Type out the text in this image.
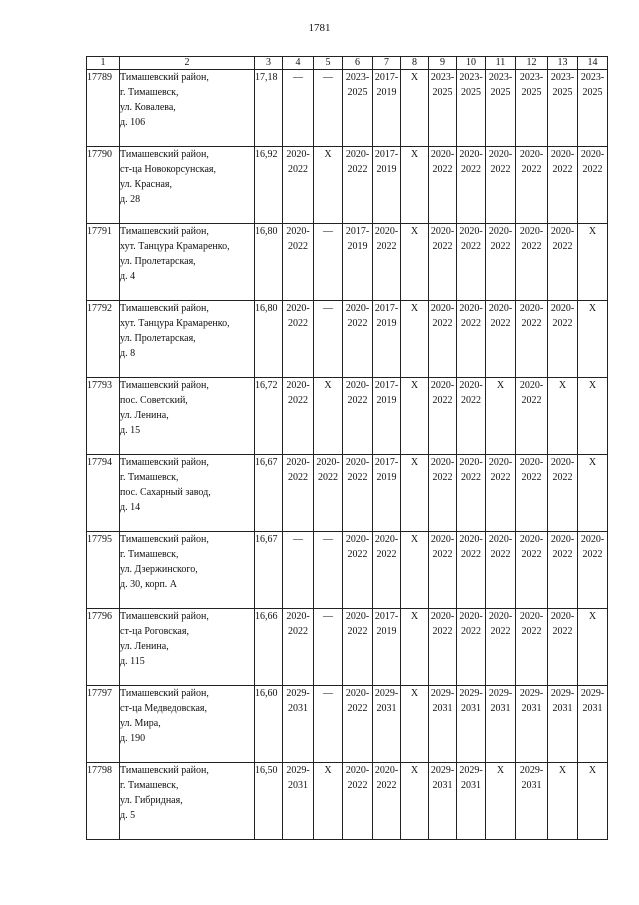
1781
1	2	3	4	5	6	7	8	9	10	11	12	13	14
17789	Тимашевский район,
г. Тимашевск,
ул. Ковалева,
д. 106	17,18	—	—	2023-
2025	2017-
2019	X	2023-
2025	2023-
2025	2023-
2025	2023-
2025	2023-
2025	2023-
2025
17790	Тимашевский район,
ст-ца Новокорсунская,
ул. Красная,
д. 28	16,92	2020-
2022	X	2020-
2022	2017-
2019	X	2020-
2022	2020-
2022	2020-
2022	2020-
2022	2020-
2022	2020-
2022
17791	Тимашевский район,
хут. Танцура Крамаренко,
ул. Пролетарская,
д. 4	16,80	2020-
2022	—	2017-
2019	2020-
2022	X	2020-
2022	2020-
2022	2020-
2022	2020-
2022	2020-
2022	X
17792	Тимашевский район,
хут. Танцура Крамаренко,
ул. Пролетарская,
д. 8	16,80	2020-
2022	—	2020-
2022	2017-
2019	X	2020-
2022	2020-
2022	2020-
2022	2020-
2022	2020-
2022	X
17793	Тимашевский район,
пос. Советский,
ул. Ленина,
д. 15	16,72	2020-
2022	X	2020-
2022	2017-
2019	X	2020-
2022	2020-
2022	X	2020-
2022	X	X
17794	Тимашевский район,
г. Тимашевск,
пос. Сахарный завод,
д. 14	16,67	2020-
2022	2020-
2022	2020-
2022	2017-
2019	X	2020-
2022	2020-
2022	2020-
2022	2020-
2022	2020-
2022	X
17795	Тимашевский район,
г. Тимашевск,
ул. Дзержинского,
д. 30, корп. А	16,67	—	—	2020-
2022	2020-
2022	X	2020-
2022	2020-
2022	2020-
2022	2020-
2022	2020-
2022	2020-
2022
17796	Тимашевский район,
ст-ца Роговская,
ул. Ленина,
д. 115	16,66	2020-
2022	—	2020-
2022	2017-
2019	X	2020-
2022	2020-
2022	2020-
2022	2020-
2022	2020-
2022	X
17797	Тимашевский район,
ст-ца Медведовская,
ул. Мира,
д. 190	16,60	2029-
2031	—	2020-
2022	2029-
2031	X	2029-
2031	2029-
2031	2029-
2031	2029-
2031	2029-
2031	2029-
2031
17798	Тимашевский район,
г. Тимашевск,
ул. Гибридная,
д. 5	16,50	2029-
2031	X	2020-
2022	2020-
2022	X	2029-
2031	2029-
2031	X	2029-
2031	X	X
